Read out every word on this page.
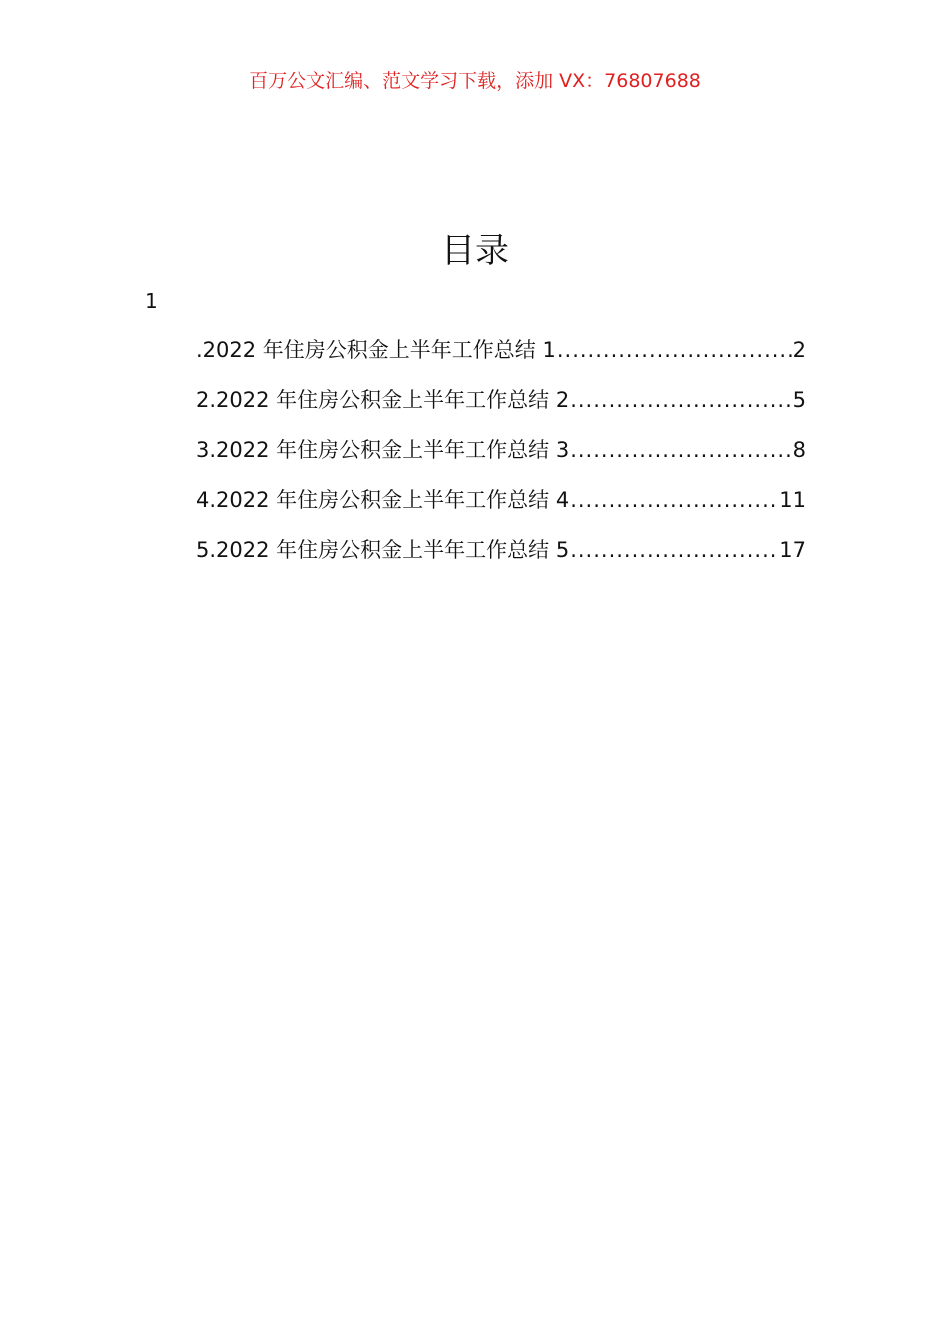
百万公文汇编、范文学习下载，添加 VX：76807688
目录
1
.2022 年住房公积金上半年工作总结 1 .....	2
2.2022 年住房公积金上半年工作总结 2 .....	5
3.2022 年住房公积金上半年工作总结 3 .....	8
4.2022 年住房公积金上半年工作总结 4 .....	11
5.2022 年住房公积金上半年工作总结 5 .....	17
